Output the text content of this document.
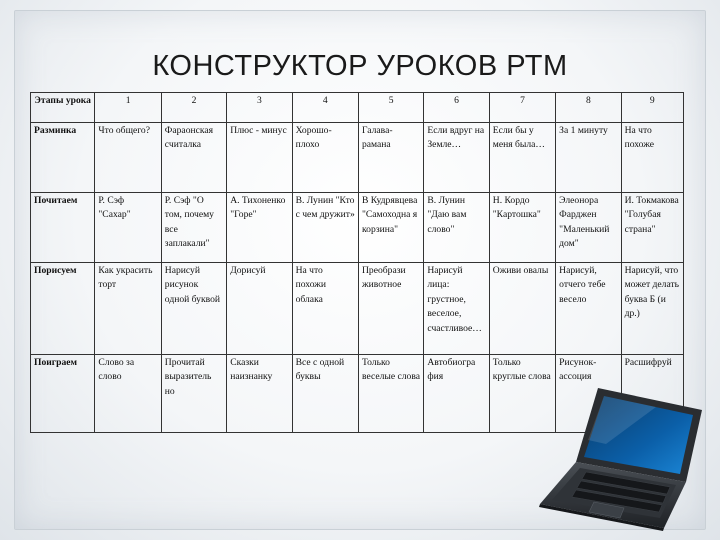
КОНСТРУКТОР УРОКОВ РТМ
Этапы урока	1	2	3	4	5	6	7	8	9
Разминка	Что общего?	Фараонская считалка	Плюс - минус	Хорошо-плохо	Галава-рамана	Если вдруг на Земле…	Если бы у меня была…	За 1 минуту	На что похоже
Почитаем	Р. Сэф "Сахар"	Р. Сэф "О том, почему все заплакали"	А. Тихоненко "Горе"	В. Лунин "Кто с чем дружит»	В Кудрявцева "Самоходна я корзина"	В. Лунин "Даю вам слово"	Н. Кордо "Картошка"	Элеонора Фарджен "Маленький дом"	И. Токмакова "Голубая страна"
Порисуем	Как украсить торт	Нарисуй рисунок одной буквой	Дорисуй	На что похожи облака	Преобрази животное	Нарисуй лица: грустное, веселое, счастливое…	Оживи овалы	Нарисуй, отчего тебе весело	Нарисуй, что может делать буква Б (и др.)
Поиграем	Слово за слово	Прочитай выразитель но	Сказки наизнанку	Все с одной буквы	Только веселые слова	Автобиогра фия	Только круглые слова	Рисунок-ассоция	Расшифруй
